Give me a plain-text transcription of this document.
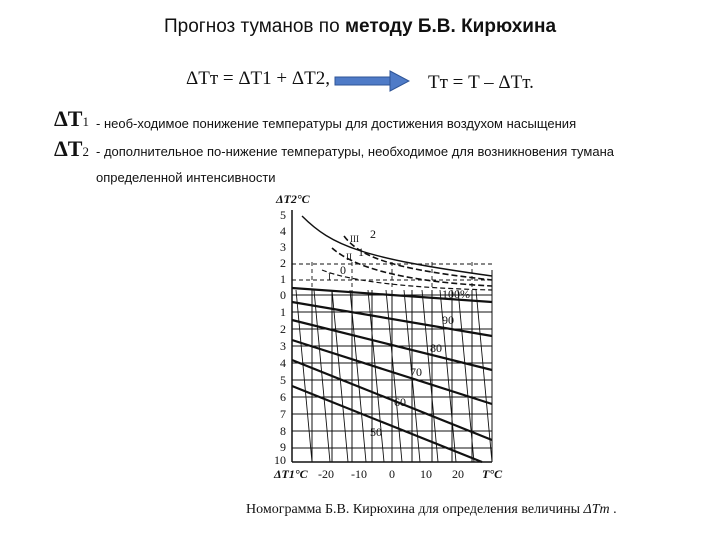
Прогноз туманов по методу Б.В. Кирюхина
ΔTт = ΔT1 + ΔT2,	Tт = T – ΔTт.
ΔT1 - необ-ходимое понижение температуры для достижения воздухом насыщения
ΔT2 - дополнительное по-нижение температуры, необходимое для возникновения тумана
определенной интенсивности
ΔT2°C
5
4
3
2
1
0
1
2
3
4
5
6
7
8
9
10
ΔT1°C -20 -10 0 10 20 T°C
2
1
0
III
II
I
100%
90
80
70
60
50
Номограмма Б.В. Кирюхина для определения величины ΔTт .
